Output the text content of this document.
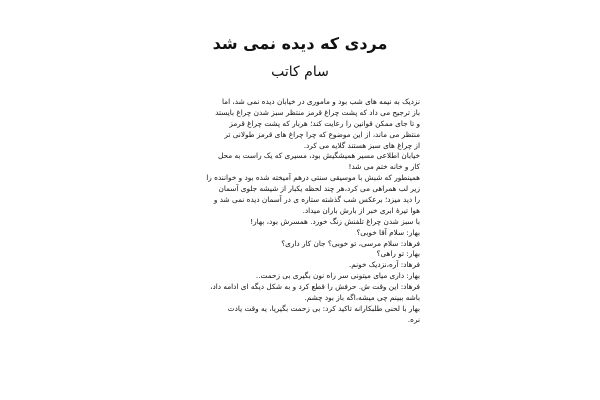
مردی که دیده نمی شد
سام کاتب
نزدیک به نیمه های شب بود و ماموری در خیابان دیده نمی شد، اما
باز ترجیح می داد که پشت چراغ قرمز منتظر سبز شدن چراغ بایستد
و تا جای ممکن قوانین را رعایت کند؛ هربار که پشت چراغ قرمز
منتظر می ماند، از این موضوع که چرا چراغ های قرمز طولانی تر
از چراغ های سبز هستند گلایه می کرد.
خیابان اطلاعی مسیر همیشگیش بود، مسیری که یک راست به محل
کار و خانه ختم می شد!
همینطور که شبش با موسیقی سنتی درهم آمیخته شده بود و خواننده را
زیر لب همراهی می کرد،هر چند لحظه یکبار از شیشه جلوی آسمان
را دید میزد؛ برعکس شب گذشته ستاره ی در آسمان دیده نمی شد و
هوا تیره‌ٔ ابری خبر از بارش باران میداد.
با سبز شدن چراغ تلفنش زنگ خورد. همسرش بود، بهار!
بهار: سلام آقا خوبی؟
فرهاد: سلام مرسی، تو خوبی؟ جان کار داری؟
بهار: تو راهی؟
فرهاد: آره،نزدیک خونم.
بهار: داری میای میتونی سر راه نون بگیری بی زحمت..
فرهاد: این وقت ش. حرفش را قطع کرد و به شکل دیگه ای ادامه داد،
باشه ببینم چی میشه،اگه باز بود چشم.
بهار با لحنی طلبکارانه تاکید کرد: بی زحمت بگیریا، یه وقت یادت
نره.
